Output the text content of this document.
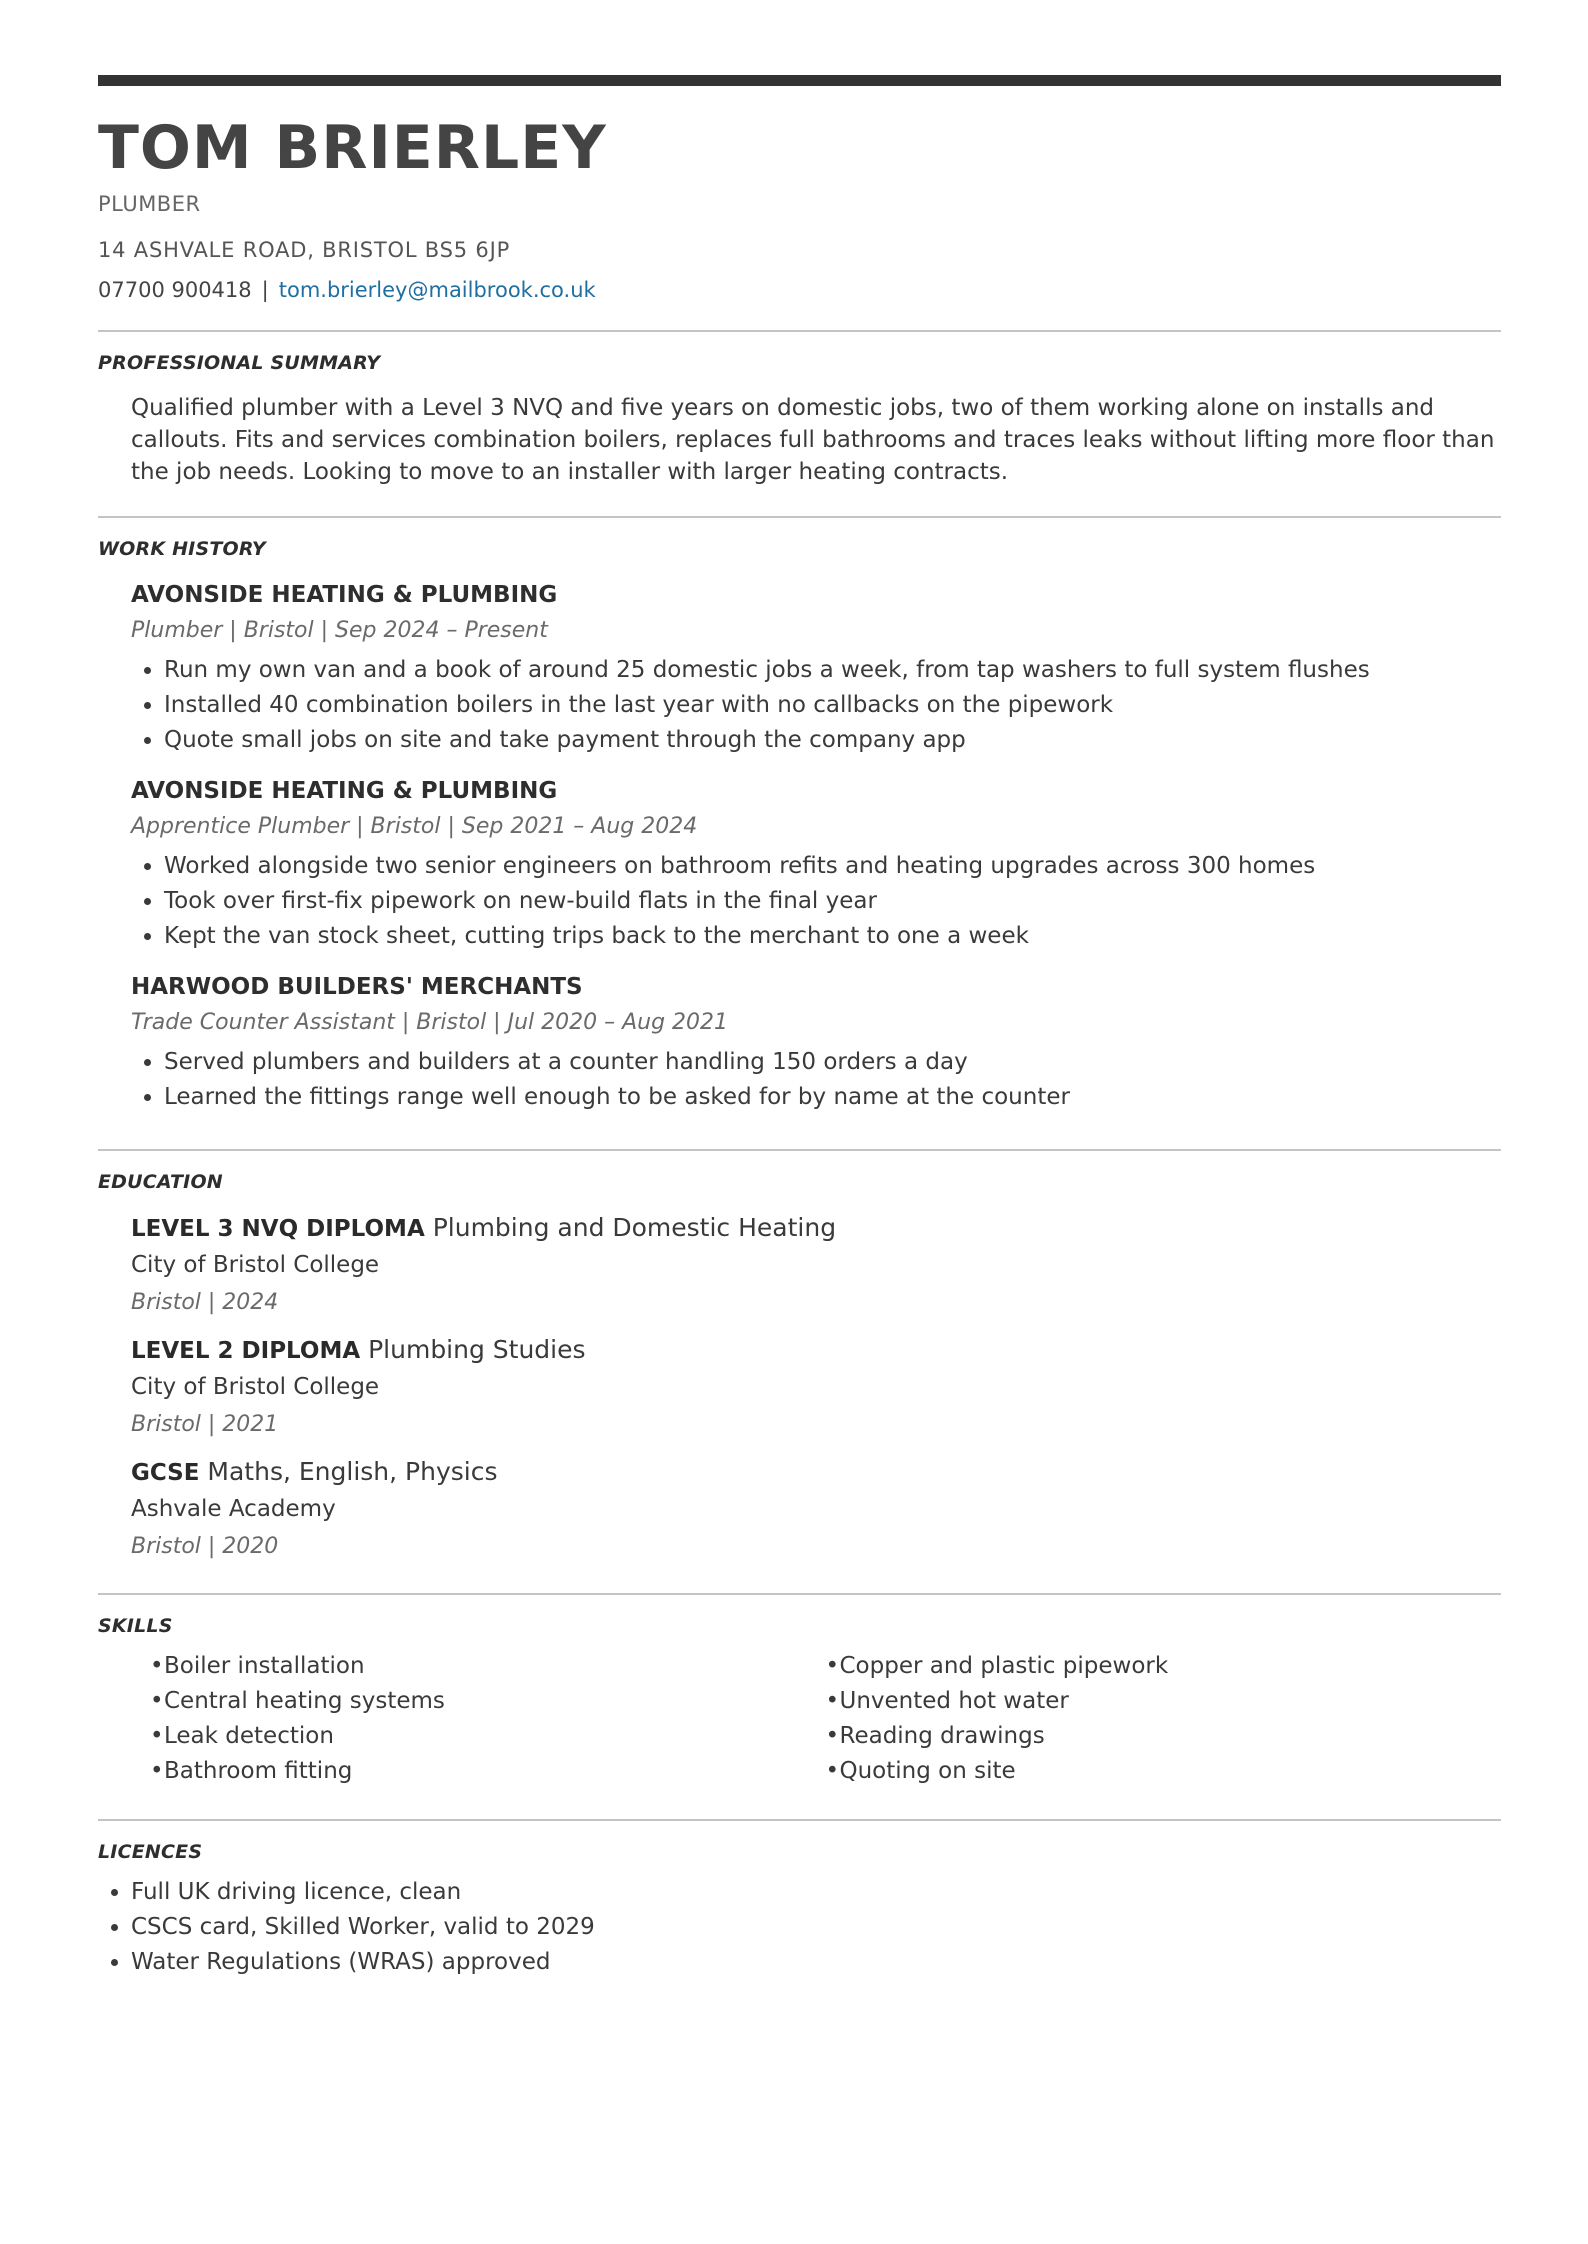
TOM BRIERLEY
PLUMBER
14 ASHVALE ROAD, BRISTOL BS5 6JP
07700 900418 | tom.brierley@mailbrook.co.uk
PROFESSIONAL SUMMARY
Qualified plumber with a Level 3 NVQ and five years on domestic jobs, two of them working alone on installs and callouts. Fits and services combination boilers, replaces full bathrooms and traces leaks without lifting more floor than the job needs. Looking to move to an installer with larger heating contracts.
WORK HISTORY
AVONSIDE HEATING & PLUMBING
Plumber | Bristol | Sep 2024 – Present
• Run my own van and a book of around 25 domestic jobs a week, from tap washers to full system flushes
• Installed 40 combination boilers in the last year with no callbacks on the pipework
• Quote small jobs on site and take payment through the company app
AVONSIDE HEATING & PLUMBING
Apprentice Plumber | Bristol | Sep 2021 – Aug 2024
• Worked alongside two senior engineers on bathroom refits and heating upgrades across 300 homes
• Took over first-fix pipework on new-build flats in the final year
• Kept the van stock sheet, cutting trips back to the merchant to one a week
HARWOOD BUILDERS' MERCHANTS
Trade Counter Assistant | Bristol | Jul 2020 – Aug 2021
• Served plumbers and builders at a counter handling 150 orders a day
• Learned the fittings range well enough to be asked for by name at the counter
EDUCATION
LEVEL 3 NVQ DIPLOMA Plumbing and Domestic Heating
City of Bristol College
Bristol | 2024
LEVEL 2 DIPLOMA Plumbing Studies
City of Bristol College
Bristol | 2021
GCSE Maths, English, Physics
Ashvale Academy
Bristol | 2020
SKILLS
•Boiler installation
•Central heating systems
•Leak detection
•Bathroom fitting
•Copper and plastic pipework
•Unvented hot water
•Reading drawings
•Quoting on site
LICENCES
• Full UK driving licence, clean
• CSCS card, Skilled Worker, valid to 2029
• Water Regulations (WRAS) approved
